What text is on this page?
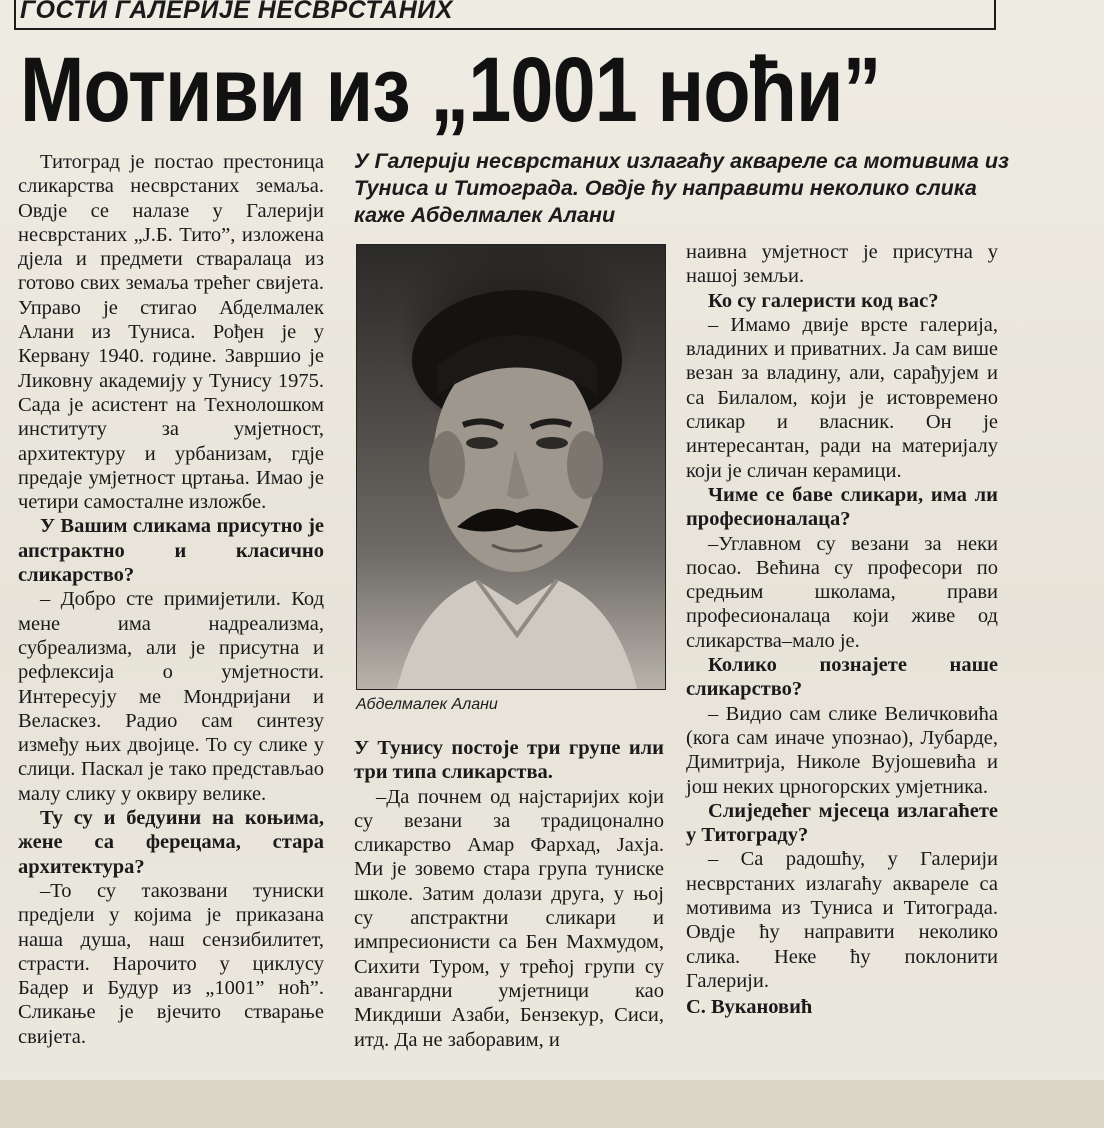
ГОСТИ ГАЛЕРИЈЕ НЕСВРСТАНИХ
Мотиви из „1001 ноћи”

Титоград је постао престоница сликарства несврстаних земаља. Овдје се налазе у Галерији несврстаних „Ј.Б. Тито”, изложена дјела и предмети стваралаца из готово свих земаља трећег свијета. Управо је стигао Абделмалек Алани из Туниса. Рођен је у Кервану 1940. године. Завршио је Ликовну академију у Тунису 1975. Сада је асистент на Технолошком институту за умјетност, архитектуру и урбанизам, гдје предаје умјетност цртања. Имао је четири самосталне изложбе.

У Вашим сликама присутно је апстрактно и класично сликарство?

– Добро сте примијетили. Код мене има надреализма, субреализма, али је присутна и рефлексија о умјетности. Интересују ме Мондријани и Веласкез. Радио сам синтезу између њих двојице. То су слике у слици. Паскал је тако представљао малу слику у оквиру велике.

Ту су и бедуини на коњима, жене са ферецама, стара архитектура?

–То су такозвани туниски предјели у којима је приказана наша душа, наш сензибилитет, страсти. Нарочито у циклусу Бадер и Будур из „1001” ноћ”. Сликање је вјечито стварање свијета.

У Галерији несврстаних излагаћу акварeле са мотивима из Туниса и Титограда. Овдје ћу направити неколико слика каже Абделмалек Алани
Абделмалек Алани

У Тунису постоје три групе или три типа сликарства.

–Да почнем од најстаријих који су везани за традицонално сликарство Амар Фархад, Јахја. Ми је зовемо стара група туниске школе. Затим долази друга, у њој су апстрактни сликари и импресионисти са Бен Махмудом, Сихити Туром, у трећој групи су авангардни умјетници као Микдиши Азаби, Бензекур, Сиси, итд. Да не заборавим, и

наивна умјетност је присутна у нашој земљи.

Ко су галеристи код вас?

– Имамо двије врсте галерија, владиних и приватних. Ја сам више везан за владину, али, сарађујем и са Билалом, који је истовремено сликар и власник. Он је интересантан, ради на материјалу који је сличан керамици.

Чиме се баве сликари, има ли професионалаца?

–Углавном су везани за неки посао. Већина су професори по средњим школама, прави професионалаца који живе од сликарства–мало је.

Колико познајете наше сликарство?

– Видио сам слике Величковића (кога сам иначе упознао), Лубарде, Димитрија, Николе Вујошевића и још неких црногорских умјетника.

Слиједећег мјесеца излагаћете у Титограду?

– Са радошћу, у Галерији несврстаних излагаћу акварeле са мотивима из Туниса и Титограда. Овдје ћу направити неколико слика. Неке ћу поклонити Галерији.

С. Вукановић
